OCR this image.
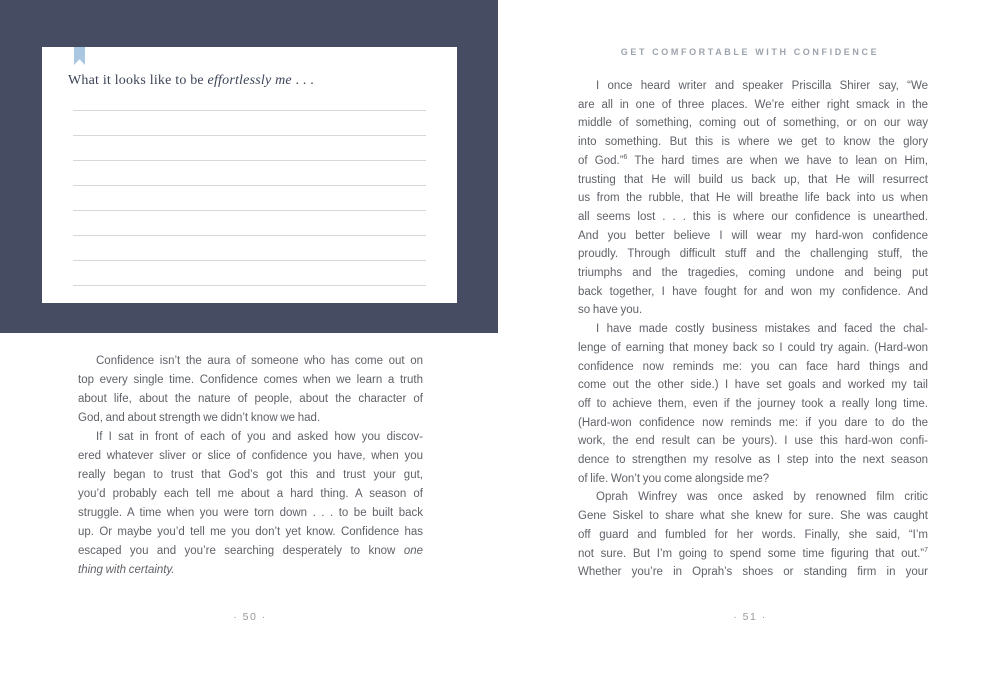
What it looks like to be effortlessly me . . .
Confidence isn’t the aura of someone who has come out on
top every single time. Confidence comes when we learn a truth
about life, about the nature of people, about the character of
God, and about strength we didn’t know we had.
If I sat in front of each of you and asked how you discov-
ered whatever sliver or slice of confidence you have, when you
really began to trust that God’s got this and trust your gut,
you’d probably each tell me about a hard thing. A season of
struggle. A time when you were torn down . . . to be built back
up. Or maybe you’d tell me you don’t yet know. Confidence has
escaped you and you’re searching desperately to know one
thing with certainty.
· 50 ·
GET COMFORTABLE WITH CONFIDENCE
I once heard writer and speaker Priscilla Shirer say, “We
are all in one of three places. We’re either right smack in the
middle of something, coming out of something, or on our way
into something. But this is where we get to know the glory
of God.”$^6$ The hard times are when we have to lean on Him,
trusting that He will build us back up, that He will resurrect
us from the rubble, that He will breathe life back into us when
all seems lost . . . this is where our confidence is unearthed.
And you better believe I will wear my hard-won confidence
proudly. Through difficult stuff and the challenging stuff, the
triumphs and the tragedies, coming undone and being put
back together, I have fought for and won my confidence. And
so have you.
I have made costly business mistakes and faced the chal-
lenge of earning that money back so I could try again. (Hard-won
confidence now reminds me: you can face hard things and
come out the other side.) I have set goals and worked my tail
off to achieve them, even if the journey took a really long time.
(Hard-won confidence now reminds me: if you dare to do the
work, the end result can be yours). I use this hard-won confi-
dence to strengthen my resolve as I step into the next season
of life. Won’t you come alongside me?
Oprah Winfrey was once asked by renowned film critic
Gene Siskel to share what she knew for sure. She was caught
off guard and fumbled for her words. Finally, she said, “I’m
not sure. But I’m going to spend some time figuring that out.”$^7$
Whether you’re in Oprah’s shoes or standing firm in your
· 51 ·
